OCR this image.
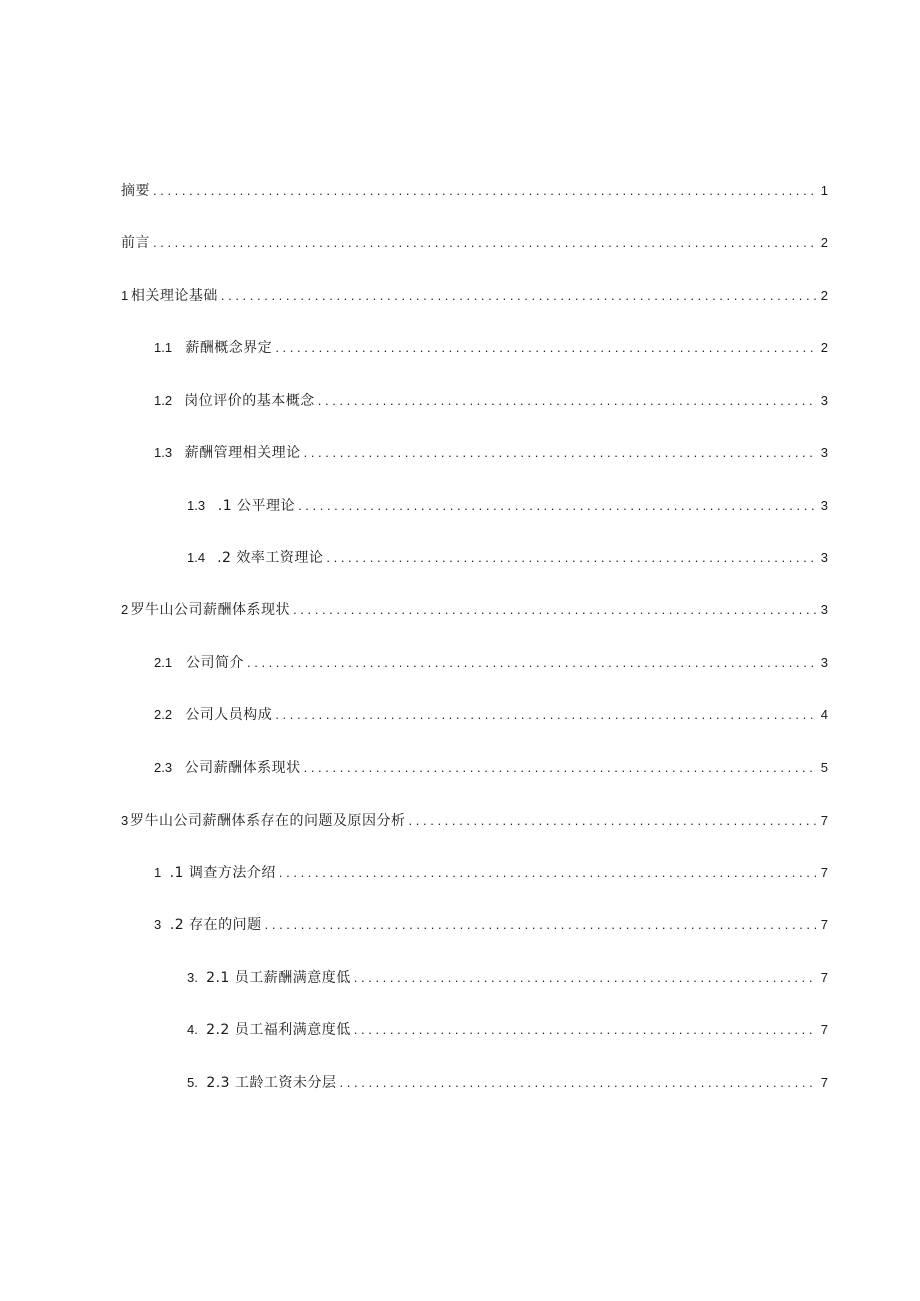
摘要 . . .	1
前言 . . .	2
1 相关理论基础 . . .	2
1.1 薪酬概念界定 . . .	2
1.2 岗位评价的基本概念 . . .	3
1.3 薪酬管理相关理论 . . .	3
1.3 .1 公平理论 . . .	3
1.4 .2 效率工资理论 . . .	3
2 罗牛山公司薪酬体系现状 . . .	3
2.1 公司简介 . . .	3
2.2 公司人员构成 . . .	4
2.3 公司薪酬体系现状 . . .	5
3 罗牛山公司薪酬体系存在的问题及原因分析 . . .	7
1 .1 调查方法介绍 . . .	7
3 .2 存在的问题 . . .	7
3. 2.1 员工薪酬满意度低 . . .	7
4. 2.2 员工福利满意度低 . . .	7
5. 2.3 工龄工资未分层 . . .	7
